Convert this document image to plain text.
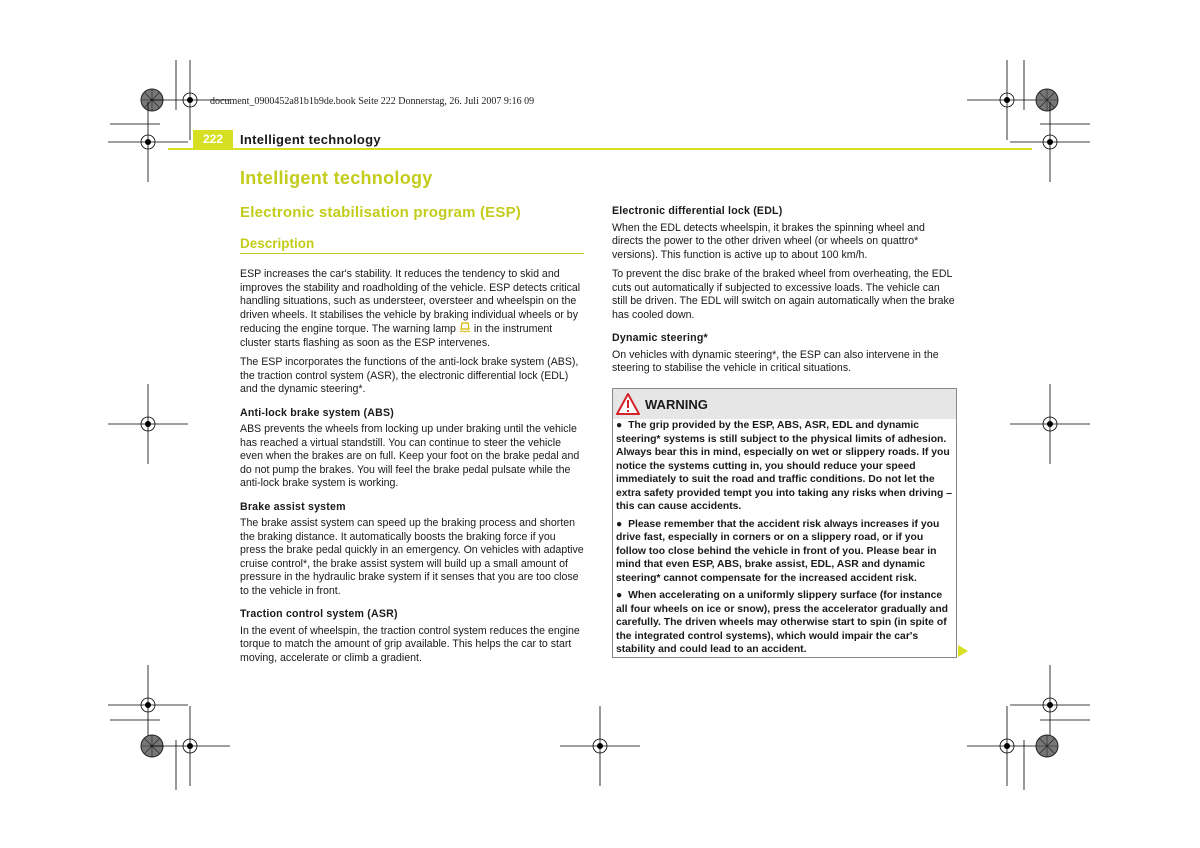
document_0900452a81b1b9de.book Seite 222 Donnerstag, 26. Juli 2007 9:16 09
222	Intelligent technology
Intelligent technology
Electronic stabilisation program (ESP)
Description

ESP increases the car's stability. It reduces the tendency to skid and improves the stability and roadholding of the vehicle. ESP detects critical handling situations, such as understeer, oversteer and wheelspin on the driven wheels. It stabilises the vehicle by braking individual wheels or by reducing the engine torque. The warning lamp in the instrument cluster starts flashing as soon as the ESP intervenes.

The ESP incorporates the functions of the anti-lock brake system (ABS), the traction control system (ASR), the electronic differential lock (EDL) and the dynamic steering*.

Anti-lock brake system (ABS)

ABS prevents the wheels from locking up under braking until the vehicle has reached a virtual standstill. You can continue to steer the vehicle even when the brakes are on full. Keep your foot on the brake pedal and do not pump the brakes. You will feel the brake pedal pulsate while the anti-lock brake system is working.

Brake assist system

The brake assist system can speed up the braking process and shorten the braking distance. It automatically boosts the braking force if you press the brake pedal quickly in an emergency. On vehicles with adaptive cruise control*, the brake assist system will build up a small amount of pressure in the hydraulic brake system if it senses that you are too close to the vehicle in front.

Traction control system (ASR)

In the event of wheelspin, the traction control system reduces the engine torque to match the amount of grip available. This helps the car to start moving, accelerate or climb a gradient.

Electronic differential lock (EDL)

When the EDL detects wheelspin, it brakes the spinning wheel and directs the power to the other driven wheel (or wheels on quattro* versions). This function is active up to about 100 km/h.

To prevent the disc brake of the braked wheel from overheating, the EDL cuts out automatically if subjected to excessive loads. The vehicle can still be driven. The EDL will switch on again automatically when the brake has cooled down.

Dynamic steering*

On vehicles with dynamic steering*, the ESP can also intervene in the steering to stabilise the vehicle in critical situations.

WARNING

●  The grip provided by the ESP, ABS, ASR, EDL and dynamic steering* systems is still subject to the physical limits of adhesion. Always bear this in mind, especially on wet or slippery roads. If you notice the systems cutting in, you should reduce your speed immediately to suit the road and traffic conditions. Do not let the extra safety provided tempt you into taking any risks when driving – this can cause accidents.

●  Please remember that the accident risk always increases if you drive fast, especially in corners or on a slippery road, or if you follow too close behind the vehicle in front of you. Please bear in mind that even ESP, ABS, brake assist, EDL, ASR and dynamic steering* cannot compensate for the increased accident risk.

●  When accelerating on a uniformly slippery surface (for instance all four wheels on ice or snow), press the accelerator gradually and carefully. The driven wheels may otherwise start to spin (in spite of the integrated control systems), which would impair the car's stability and could lead to an accident.
